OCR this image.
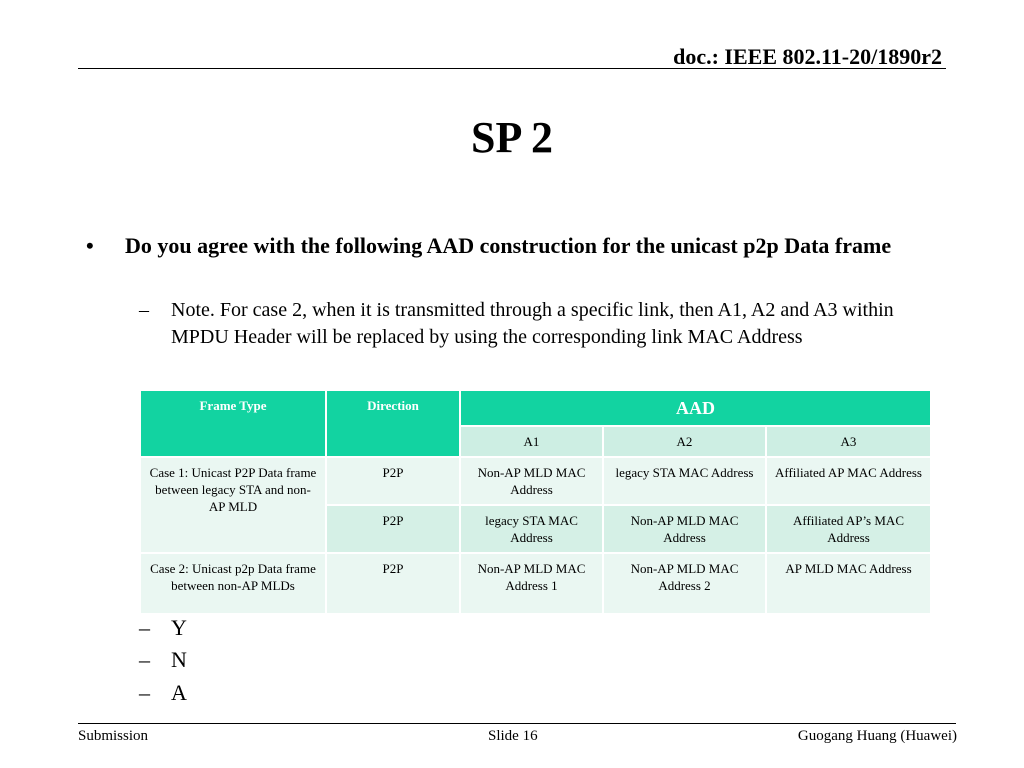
doc.: IEEE 802.11-20/1890r2
SP 2
• Do you agree with the following AAD construction for the unicast p2p Data frame
– Note. For case 2, when it is transmitted through a specific link, then A1, A2 and A3 within MPDU Header will be replaced by using the corresponding link MAC Address
Frame Type	Direction	AAD		
		A1	A2	A3
Case 1: Unicast P2P Data frame between legacy STA and non-AP MLD	P2P	Non-AP MLD MAC Address	legacy STA MAC Address	Affiliated AP MAC Address
	P2P	legacy STA MAC Address	Non-AP MLD MAC Address	Affiliated AP’s MAC Address
Case 2: Unicast p2p Data frame between non-AP MLDs	P2P	Non-AP MLD MAC Address 1	Non-AP MLD MAC Address 2	AP MLD MAC Address
– Y
– N
– A
Submission	Slide 16	Guogang Huang (Huawei)
